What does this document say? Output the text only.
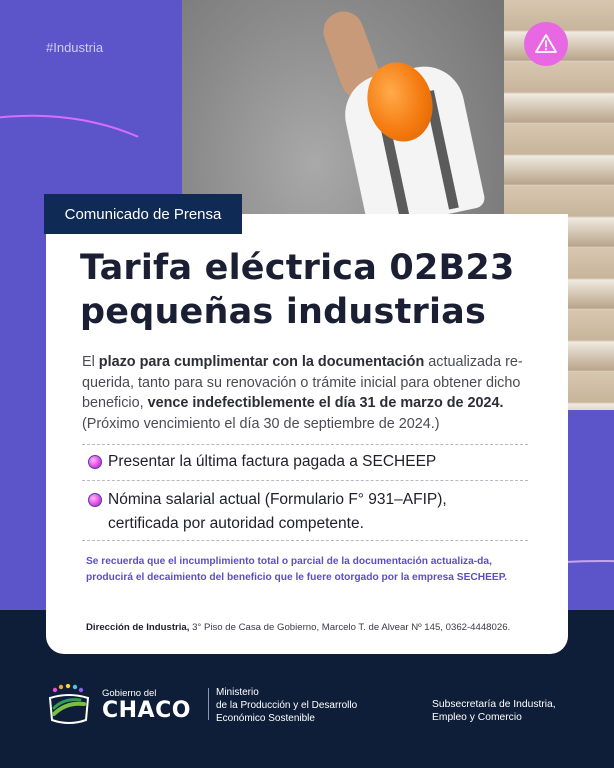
#Industria
Comunicado de Prensa
Tarifa eléctrica 02B23
pequeñas industrias
El plazo para cumplimentar con la documentación actualizada re-querida, tanto para su renovación o trámite inicial para obtener dicho beneficio, vence indefectiblemente el día 31 de marzo de 2024. (Próximo vencimiento el día 30 de septiembre de 2024.)
Presentar la última factura pagada a SECHEEP
Nómina salarial actual (Formulario F° 931–AFIP), certificada por autoridad competente.
Se recuerda que el incumplimiento total o parcial de la documentación actualiza-da, producirá el decaimiento del beneficio que le fuere otorgado por la empresa SECHEEP.
Dirección de Industria, 3° Piso de Casa de Gobierno, Marcelo T. de Alvear Nº 145, 0362-4448026.
Gobierno del
CHACO
Ministerio
de la Producción y el Desarrollo
Económico Sostenible
Subsecretaría de Industria,
Empleo y Comercio
